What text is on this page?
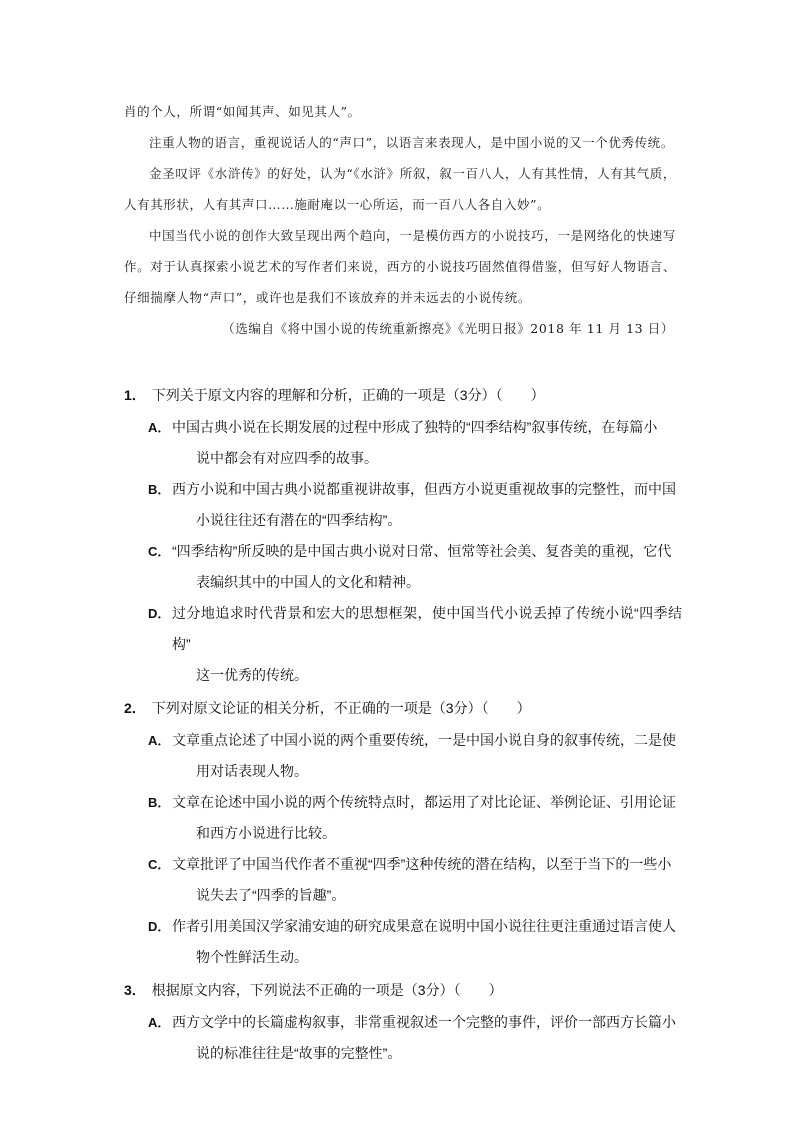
肖的个人，所谓“如闻其声、如见其人”。

注重人物的语言，重视说话人的“声口”，以语言来表现人，是中国小说的又一个优秀传统。

金圣叹评《水浒传》的好处，认为“《水浒》所叙，叙一百八人，人有其性情，人有其气质，人有其形状，人有其声口……施耐庵以一心所运，而一百八人各自入妙”。

中国当代小说的创作大致呈现出两个趋向，一是模仿西方的小说技巧，一是网络化的快速写作。对于认真探索小说艺术的写作者们来说，西方的小说技巧固然值得借鉴，但写好人物语言、仔细揣摩人物“声口”，或许也是我们不该放弃的并未远去的小说传统。

（选编自《将中国小说的传统重新擦亮》《光明日报》2018 年 11 月 13 日）

1． 下列关于原文内容的理解和分析，正确的一项是（3分）（　　）
A． 中国古典小说在长期发展的过程中形成了独特的“四季结构”叙事传统，在每篇小
说中都会有对应四季的故事。
B． 西方小说和中国古典小说都重视讲故事，但西方小说更重视故事的完整性，而中国
小说往往还有潜在的“四季结构”。
C． “四季结构”所反映的是中国古典小说对日常、恒常等社会美、复沓美的重视，它代
表编织其中的中国人的文化和精神。
D． 过分地追求时代背景和宏大的思想框架，使中国当代小说丢掉了传统小说“四季结构”
这一优秀的传统。
2． 下列对原文论证的相关分析，不正确的一项是（3分）（　　）
A． 文章重点论述了中国小说的两个重要传统，一是中国小说自身的叙事传统，二是使
用对话表现人物。
B． 文章在论述中国小说的两个传统特点时，都运用了对比论证、举例论证、引用论证
和西方小说进行比较。
C． 文章批评了中国当代作者不重视“四季”这种传统的潜在结构，以至于当下的一些小
说失去了“四季的旨趣”。
D． 作者引用美国汉学家浦安迪的研究成果意在说明中国小说往往更注重通过语言使人
物个性鲜活生动。
3． 根据原文内容，下列说法不正确的一项是（3分）（　　）
A． 西方文学中的长篇虚构叙事，非常重视叙述一个完整的事件，评价一部西方长篇小
说的标准往往是“故事的完整性”。
